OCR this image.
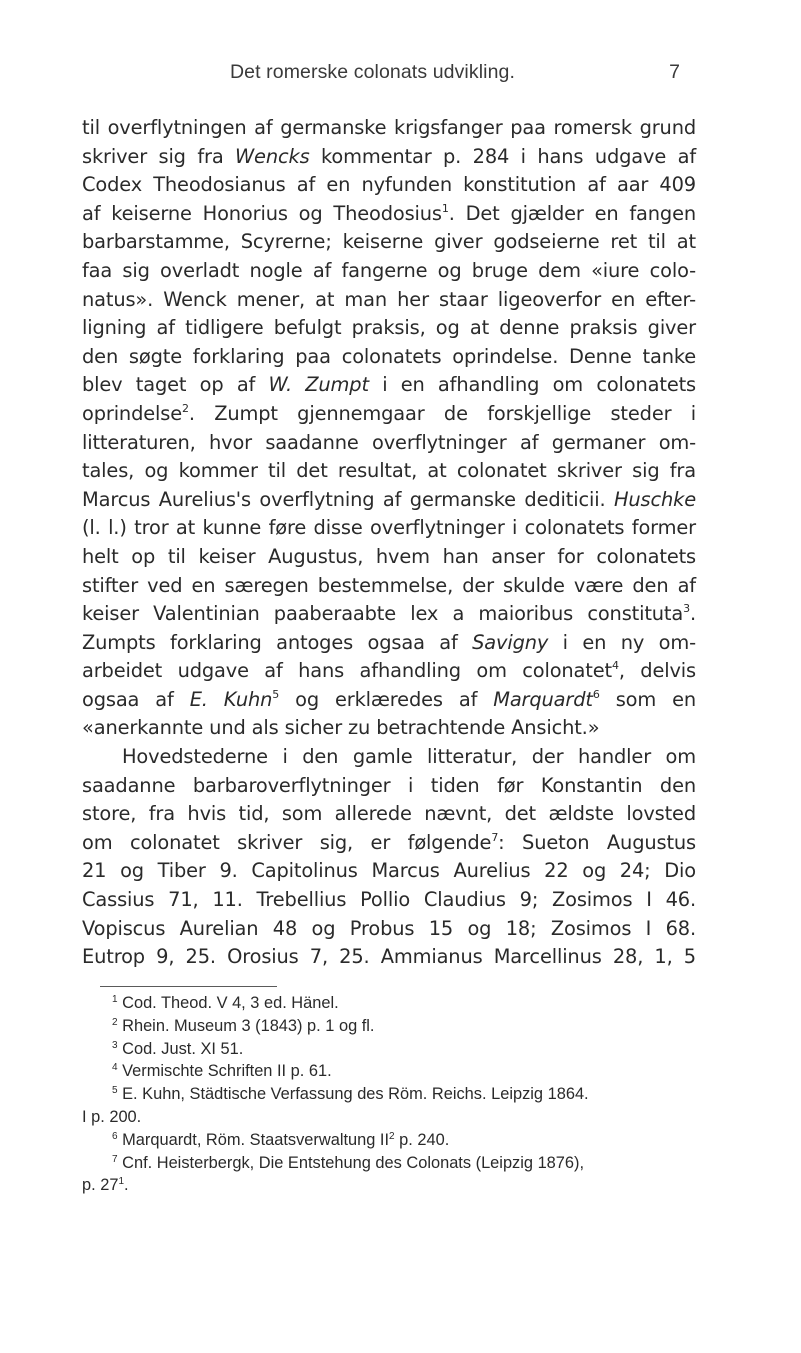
Det romerske colonats udvikling.	7
til overflytningen af germanske krigsfanger paa romersk grund
skriver sig fra Wencks kommentar p. 284 i hans udgave af
Codex Theodosianus af en nyfunden konstitution af aar 409
af keiserne Honorius og Theodosius$^1$. Det gjælder en fangen
barbarstamme, Scyrerne; keiserne giver godseierne ret til at
faa sig overladt nogle af fangerne og bruge dem «iure colo-
natus». Wenck mener, at man her staar ligeoverfor en efter-
ligning af tidligere befulgt praksis, og at denne praksis giver
den søgte forklaring paa colonatets oprindelse. Denne tanke
blev taget op af W. Zumpt i en afhandling om colonatets
oprindelse$^2$. Zumpt gjennemgaar de forskjellige steder i
litteraturen, hvor saadanne overflytninger af germaner om-
tales, og kommer til det resultat, at colonatet skriver sig fra
Marcus Aurelius's overflytning af germanske dediticii. Huschke
(l. l.) tror at kunne føre disse overflytninger i colonatets former
helt op til keiser Augustus, hvem han anser for colonatets
stifter ved en særegen bestemmelse, der skulde være den af
keiser Valentinian paaberaabte lex a maioribus constituta$^3$.
Zumpts forklaring antoges ogsaa af Savigny i en ny om-
arbeidet udgave af hans afhandling om colonatet$^4$, delvis
ogsaa af E. Kuhn$^5$ og erklæredes af Marquardt$^6$ som en
«anerkannte und als sicher zu betrachtende Ansicht.»
Hovedstederne i den gamle litteratur, der handler om
saadanne barbaroverflytninger i tiden før Konstantin den
store, fra hvis tid, som allerede nævnt, det ældste lovsted
om colonatet skriver sig, er følgende$^7$: Sueton Augustus
21 og Tiber 9. Capitolinus Marcus Aurelius 22 og 24; Dio
Cassius 71, 11. Trebellius Pollio Claudius 9; Zosimos I 46.
Vopiscus Aurelian 48 og Probus 15 og 18; Zosimos I 68.
Eutrop 9, 25. Orosius 7, 25. Ammianus Marcellinus 28, 1, 5
$^1$ Cod. Theod. V 4, 3 ed. Hänel.
$^2$ Rhein. Museum 3 (1843) p. 1 og fl.
$^3$ Cod. Just. XI 51.
$^4$ Vermischte Schriften II p. 61.
$^5$ E. Kuhn, Städtische Verfassung des Röm. Reichs. Leipzig 1864.
I p. 200.
$^6$ Marquardt, Röm. Staatsverwaltung $II^2$ p. 240.
$^7$ Cnf. Heisterbergk, Die Entstehung des Colonats (Leipzig 1876),
p. $27^1$.
